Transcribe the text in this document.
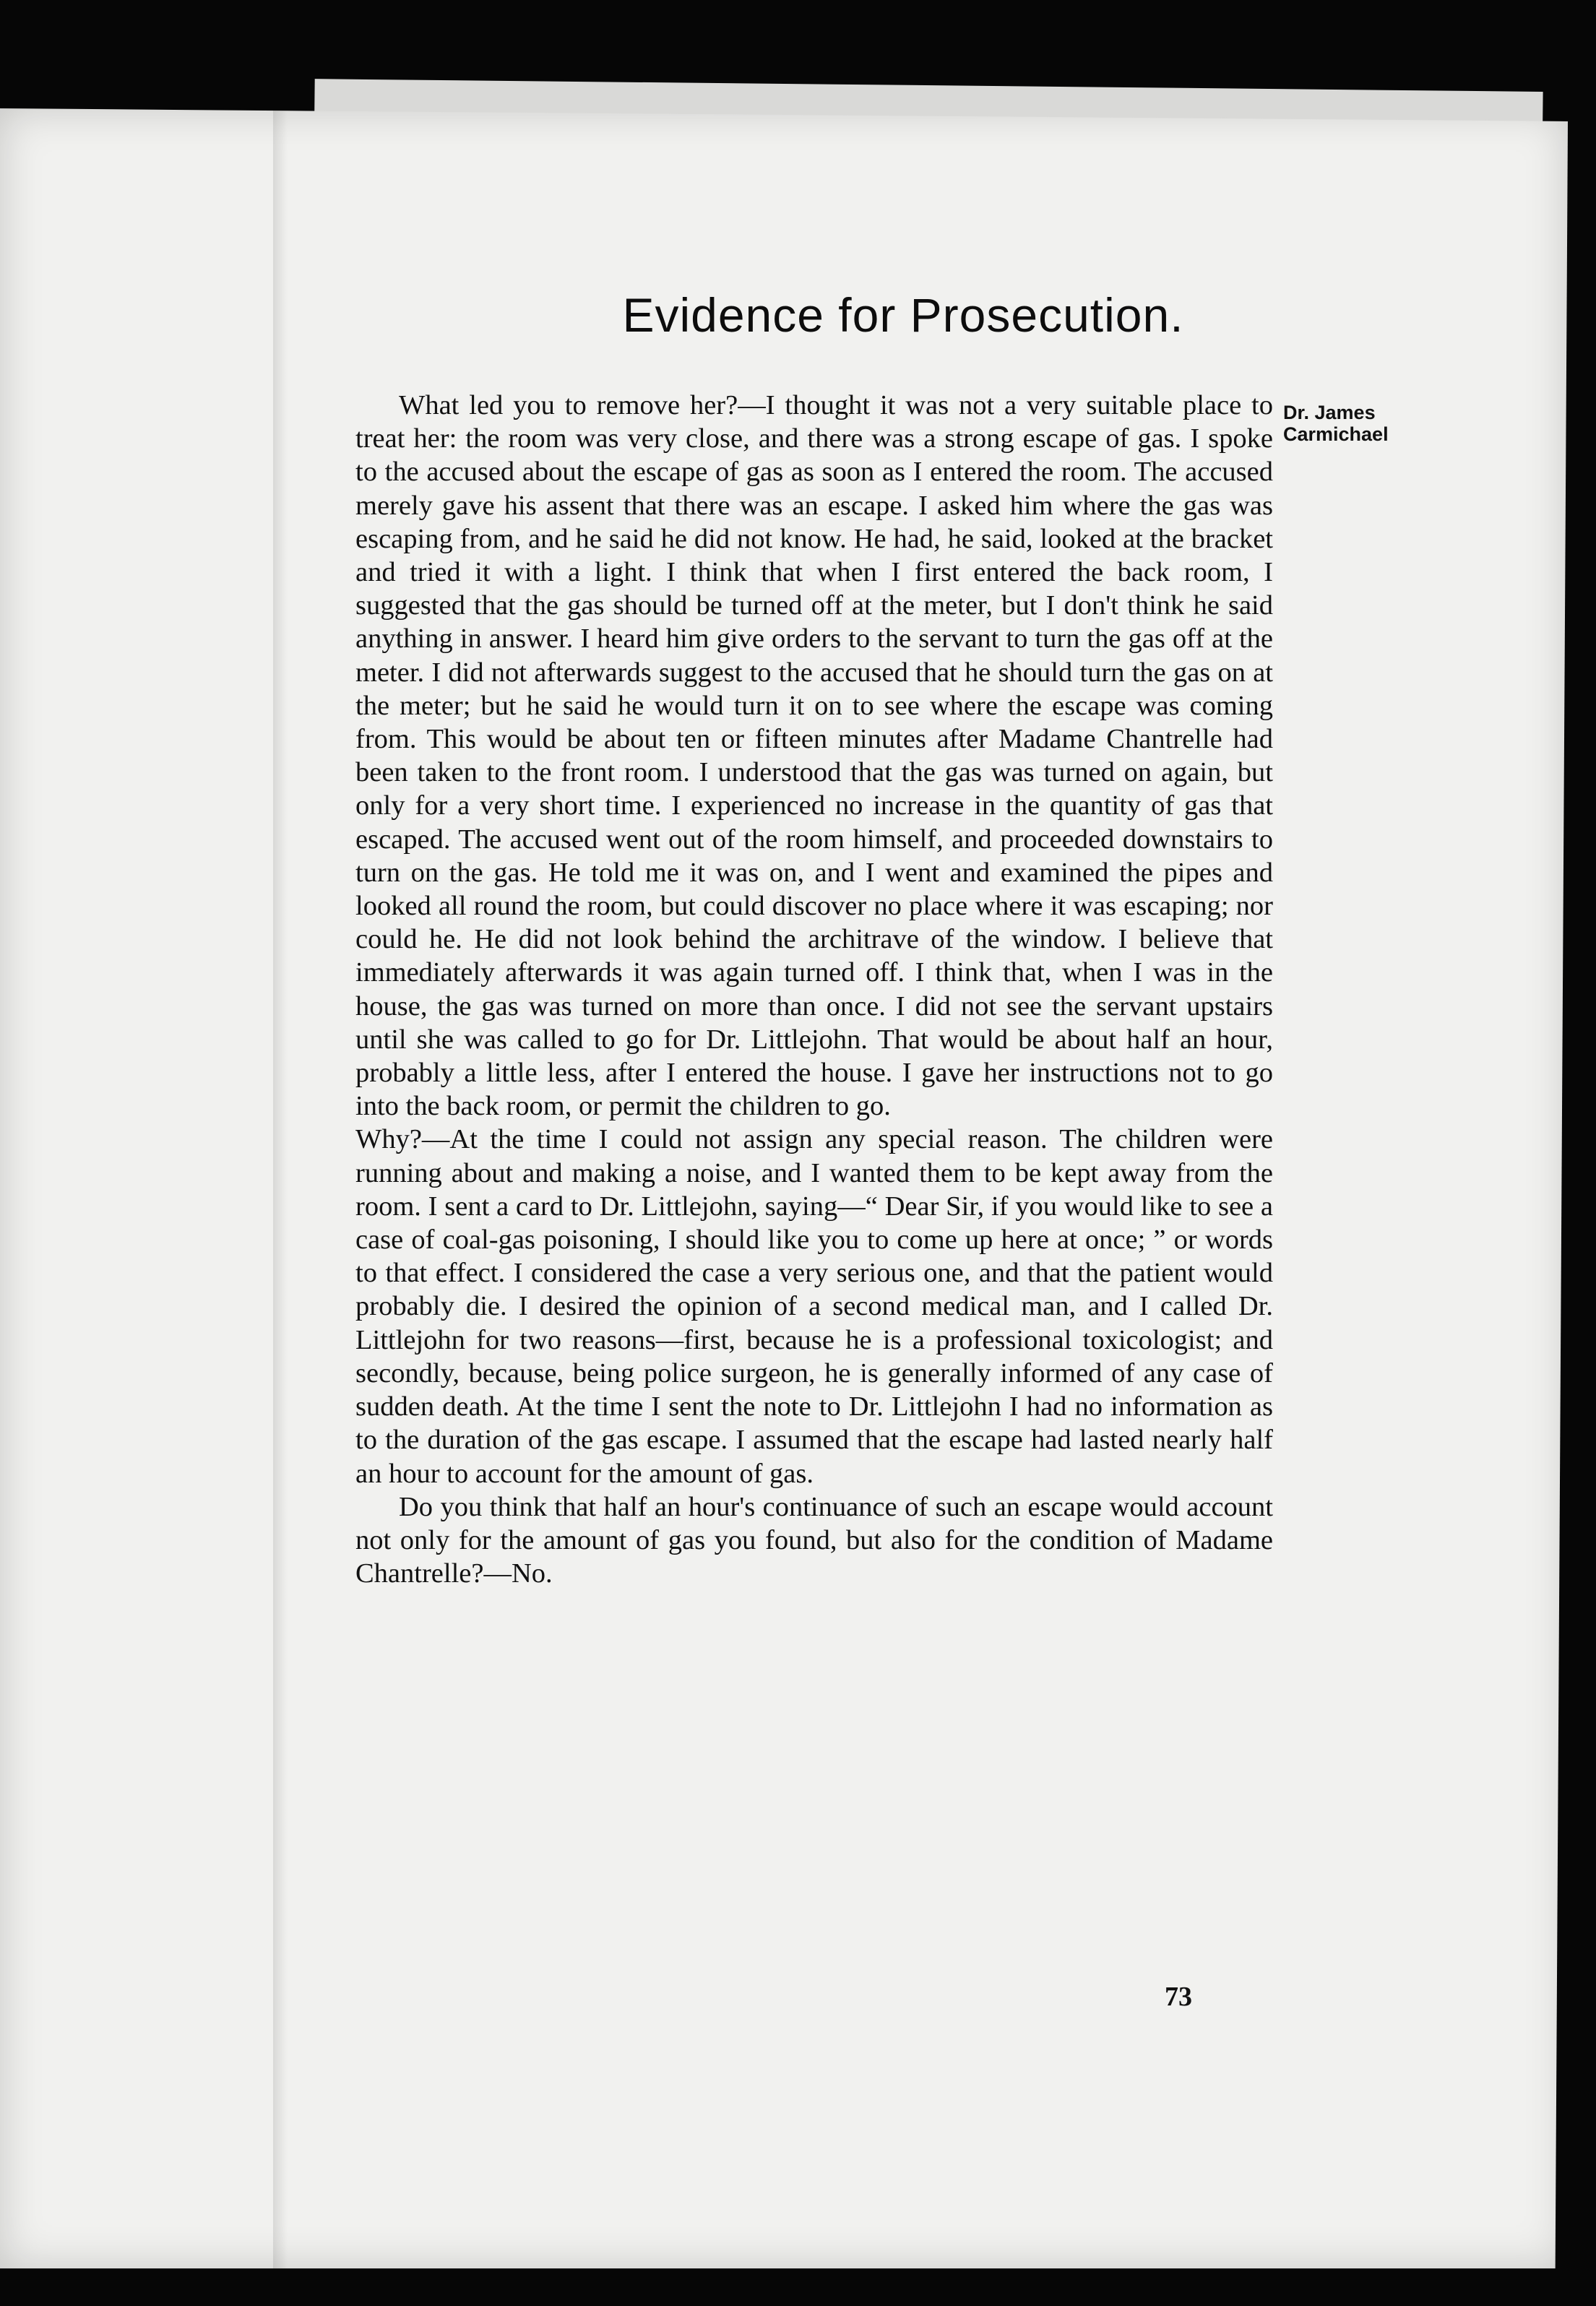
Evidence for Prosecution.
Dr. James
Carmichael

What led you to remove her?—I thought it was not a very suitable place to treat her: the room was very close, and there was a strong escape of gas. I spoke to the accused about the escape of gas as soon as I entered the room. The accused merely gave his assent that there was an escape. I asked him where the gas was escaping from, and he said he did not know. He had, he said, looked at the bracket and tried it with a light. I think that when I first entered the back room, I suggested that the gas should be turned off at the meter, but I don't think he said anything in answer. I heard him give orders to the servant to turn the gas off at the meter. I did not afterwards suggest to the accused that he should turn the gas on at the meter; but he said he would turn it on to see where the escape was coming from. This would be about ten or fifteen minutes after Madame Chantrelle had been taken to the front room. I understood that the gas was turned on again, but only for a very short time. I experienced no increase in the quantity of gas that escaped. The accused went out of the room himself, and proceeded downstairs to turn on the gas. He told me it was on, and I went and examined the pipes and looked all round the room, but could discover no place where it was escaping; nor could he. He did not look behind the architrave of the window. I believe that immediately afterwards it was again turned off. I think that, when I was in the house, the gas was turned on more than once. I did not see the servant upstairs until she was called to go for Dr. Littlejohn. That would be about half an hour, probably a little less, after I entered the house. I gave her instructions not to go into the back room, or permit the children to go.

Why?—At the time I could not assign any special reason. The children were running about and making a noise, and I wanted them to be kept away from the room. I sent a card to Dr. Littlejohn, saying—“ Dear Sir, if you would like to see a case of coal-gas poisoning, I should like you to come up here at once; ” or words to that effect. I considered the case a very serious one, and that the patient would probably die. I desired the opinion of a second medical man, and I called Dr. Littlejohn for two reasons—first, because he is a professional toxicologist; and secondly, because, being police surgeon, he is generally informed of any case of sudden death. At the time I sent the note to Dr. Littlejohn I had no information as to the duration of the gas escape. I assumed that the escape had lasted nearly half an hour to account for the amount of gas.

Do you think that half an hour's continuance of such an escape would account not only for the amount of gas you found, but also for the condition of Madame Chantrelle?—No.

73
